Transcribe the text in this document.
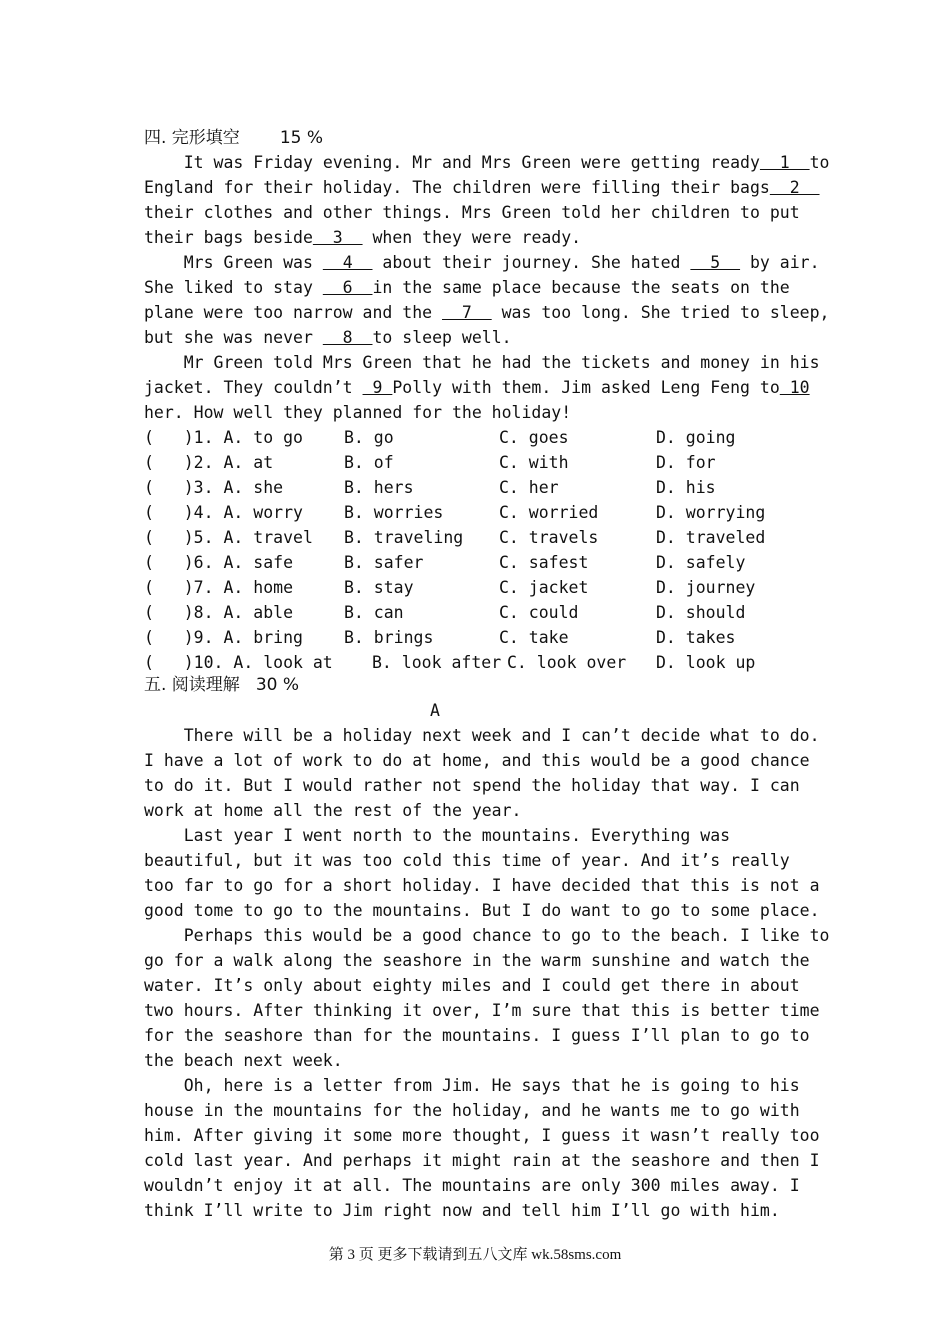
四. 完形填空 15 %
It was Friday evening. Mr and Mrs Green were getting ready  1  to
England for their holiday. The children were filling their bags  2
their clothes and other things. Mrs Green told her children to put
their bags beside  3   when they were ready.
Mrs Green was   4   about their journey. She hated   5   by air.
She liked to stay   6  in the same place because the seats on the
plane were too narrow and the   7   was too long. She tried to sleep,
but she was never   8  to sleep well.
Mr Green told Mrs Green that he had the tickets and money in his
jacket. They couldn’t  9 Polly with them. Jim asked Leng Feng to 10
her. How well they planned for the holiday!
(   )1. A. to go B. go	C. goes	D. going
(   )2. A. at	B. of	C. with	D. for
(   )3. A. she	B. hers	C. her	D. his
(   )4. A. worry B. worries	C. worried	D. worrying
(   )5. A. travel B. traveling C. travels	D. traveled
(   )6. A. safe	B. safer	C. safest	D. safely
(   )7. A. home	B. stay	C. jacket	D. journey
(   )8. A. able	B. can	C. could	D. should
(   )9. A. bring B. brings	C. take	D. takes
(   )10. A. look at B. look after C. look over D. look up
五. 阅读理解 30 %
A
There will be a holiday next week and I can’t decide what to do.
I have a lot of work to do at home, and this would be a good chance
to do it. But I would rather not spend the holiday that way. I can
work at home all the rest of the year.
Last year I went north to the mountains. Everything was
beautiful, but it was too cold this time of year. And it’s really
too far to go for a short holiday. I have decided that this is not a
good tome to go to the mountains. But I do want to go to some place.
Perhaps this would be a good chance to go to the beach. I like to
go for a walk along the seashore in the warm sunshine and watch the
water. It’s only about eighty miles and I could get there in about
two hours. After thinking it over, I’m sure that this is better time
for the seashore than for the mountains. I guess I’ll plan to go to
the beach next week.
Oh, here is a letter from Jim. He says that he is going to his
house in the mountains for the holiday, and he wants me to go with
him. After giving it some more thought, I guess it wasn’t really too
cold last year. And perhaps it might rain at the seashore and then I
wouldn’t enjoy it at all. The mountains are only 300 miles away. I
think I’ll write to Jim right now and tell him I’ll go with him.
第 3 页 更多下载请到五八文库 wk.58sms.com
